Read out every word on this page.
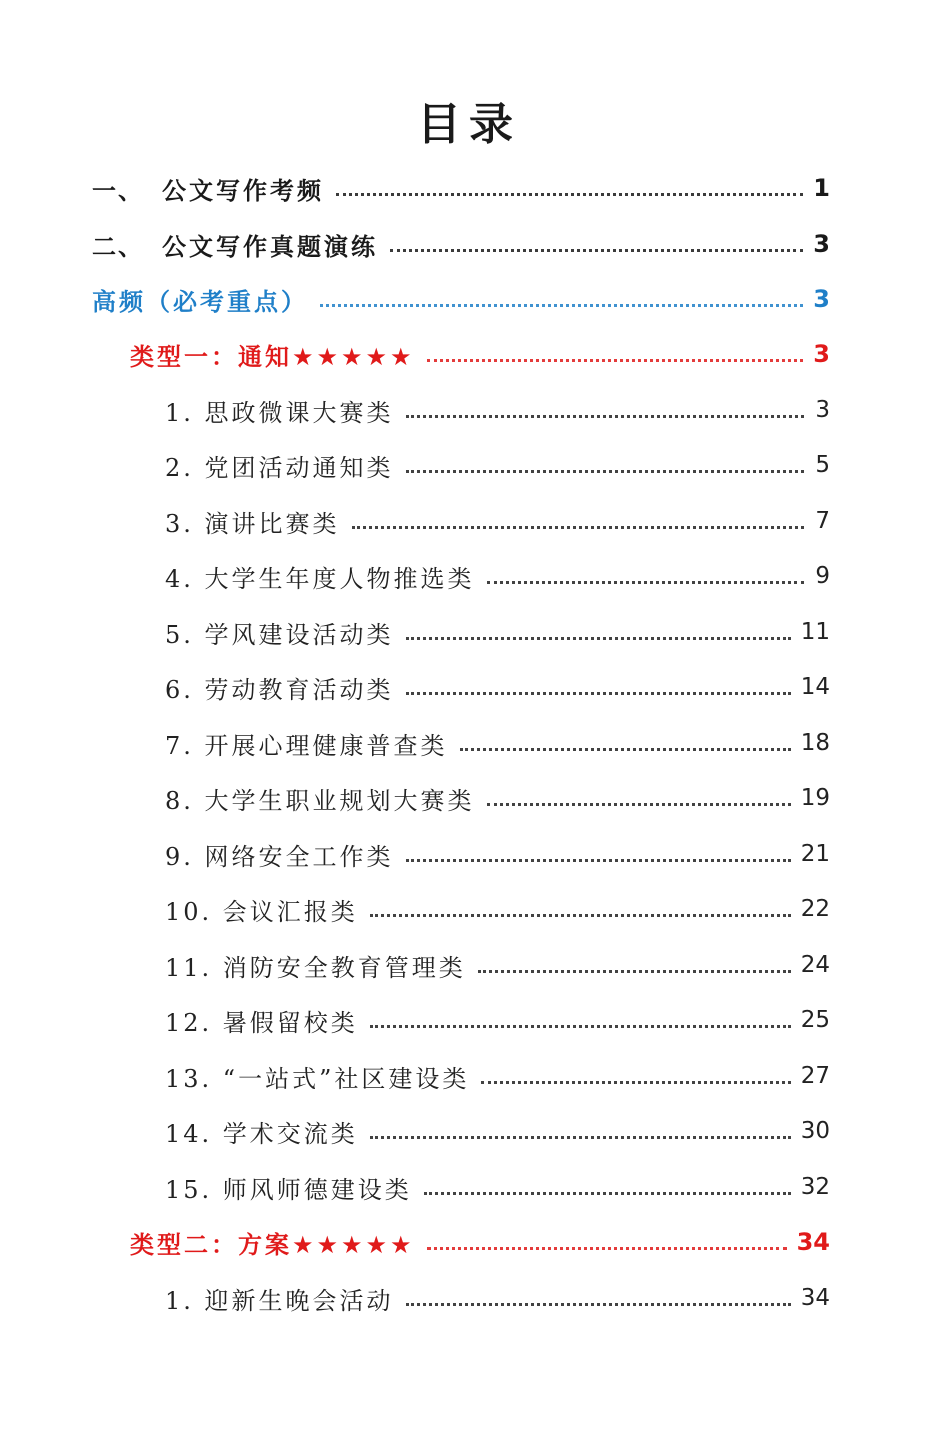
目录
一、 公文写作考频	1
二、 公文写作真题演练	3
高频（必考重点）	3
类型一：通知★★★★★	3
1. 思政微课大赛类	3
2. 党团活动通知类	5
3. 演讲比赛类	7
4. 大学生年度人物推选类	9
5. 学风建设活动类	11
6. 劳动教育活动类	14
7. 开展心理健康普查类	18
8. 大学生职业规划大赛类	19
9. 网络安全工作类	21
10. 会议汇报类	22
11. 消防安全教育管理类	24
12. 暑假留校类	25
13. “一站式”社区建设类	27
14. 学术交流类	30
15. 师风师德建设类	32
类型二：方案★★★★★	34
1. 迎新生晚会活动	34
